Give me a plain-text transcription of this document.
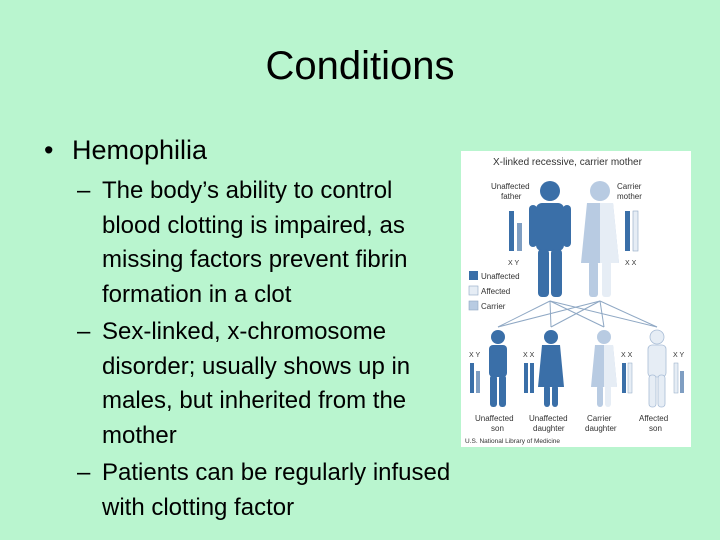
Conditions
• Hemophilia
– The body’s ability to control blood clotting is impaired, as missing factors prevent fibrin formation in a clot
– Sex-linked, x-chromosome disorder; usually shows up in males, but inherited from the mother
– Patients can be regularly infused with clotting factor
X-linked recessive, carrier mother
Unaffected
father
Carrier
mother
X Y	X X
Unaffected
Affected
Carrier
X Y
Unaffected
son
X X
Unaffected
daughter
X X
Carrier
daughter
X Y
Affected
son
U.S. National Library of Medicine
